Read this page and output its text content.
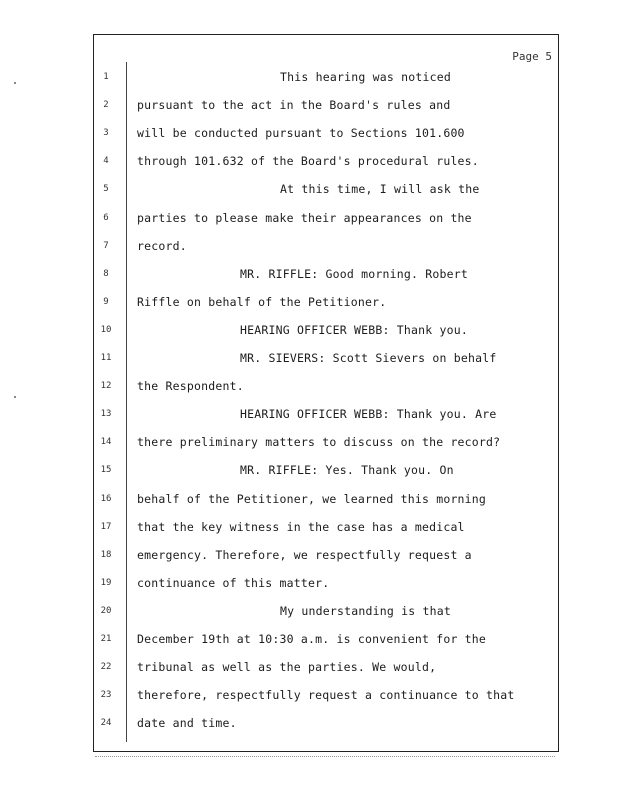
Page 5
1	This hearing was noticed
2	pursuant to the act in the Board's rules and
3	will be conducted pursuant to Sections 101.600
4	through 101.632 of the Board's procedural rules.
5	At this time, I will ask the
6	parties to please make their appearances on the
7	record.
8	MR. RIFFLE: Good morning. Robert
9	Riffle on behalf of the Petitioner.
10	HEARING OFFICER WEBB: Thank you.
11	MR. SIEVERS: Scott Sievers on behalf
12	the Respondent.
13	HEARING OFFICER WEBB: Thank you. Are
14	there preliminary matters to discuss on the record?
15	MR. RIFFLE: Yes. Thank you. On
16	behalf of the Petitioner, we learned this morning
17	that the key witness in the case has a medical
18	emergency. Therefore, we respectfully request a
19	continuance of this matter.
20	My understanding is that
21	December 19th at 10:30 a.m. is convenient for the
22	tribunal as well as the parties. We would,
23	therefore, respectfully request a continuance to that
24	date and time.
